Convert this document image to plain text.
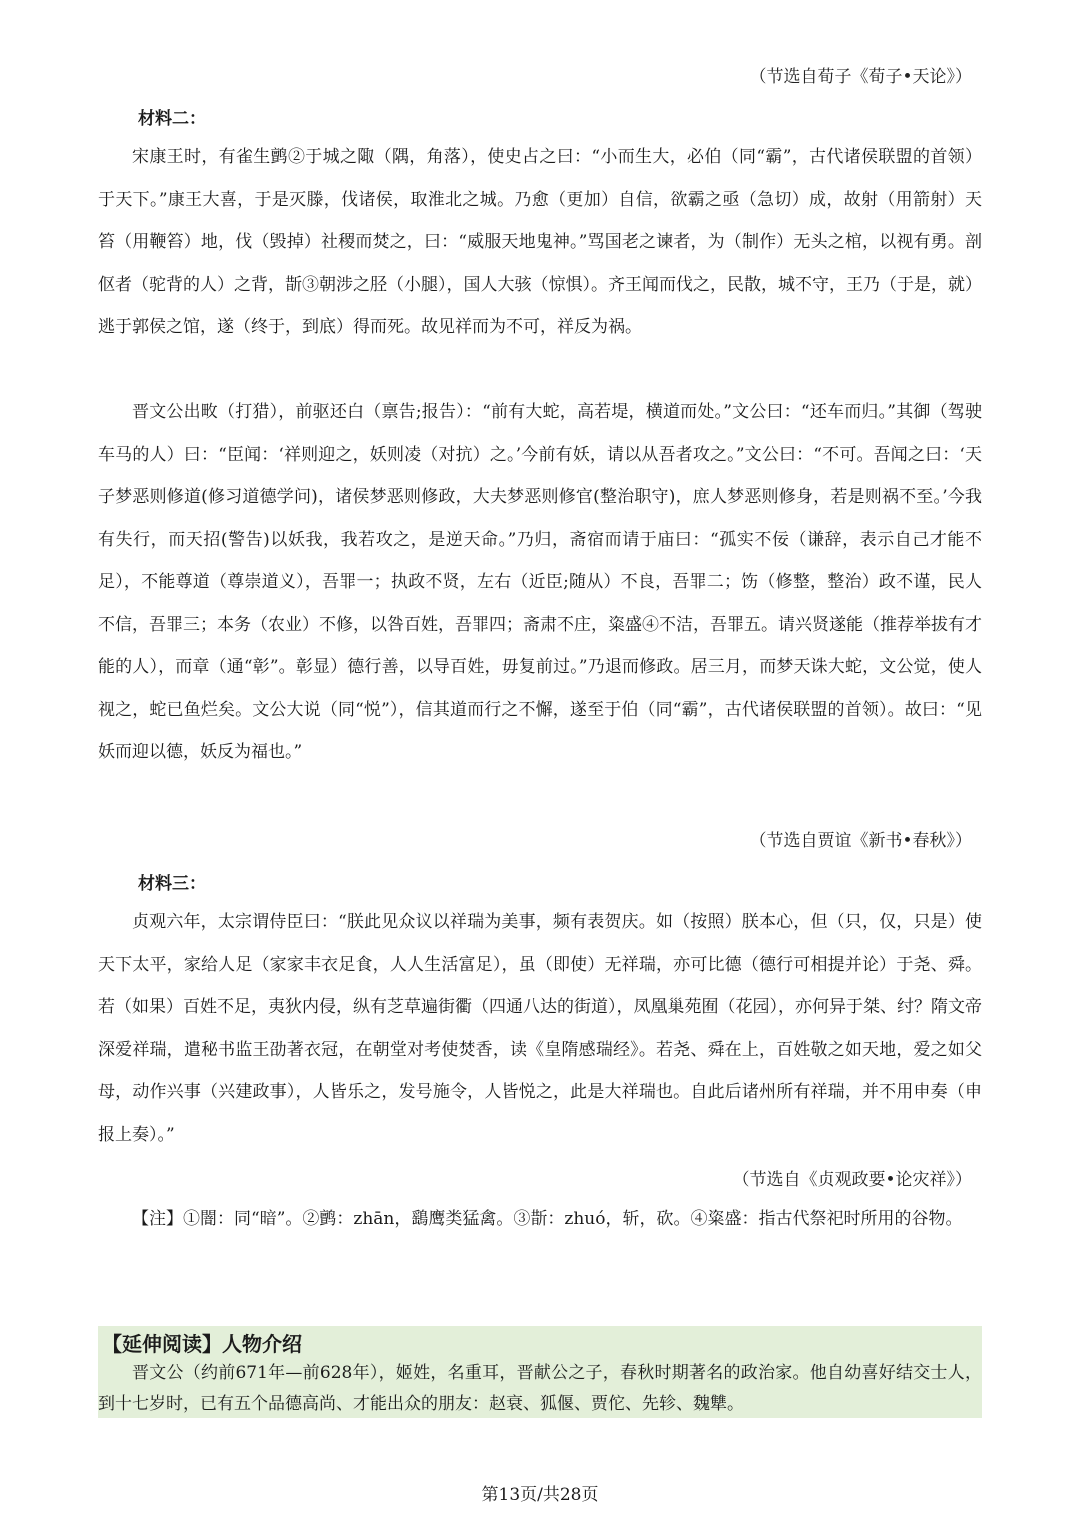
（节选自荀子《荀子•天论》）
材料二：

宋康王时，有雀生鹯②于城之陬（隅，角落），使史占之曰：“小而生大，必伯（同“霸”，古代诸侯联盟的首领）于天下。”康王大喜，于是灭滕，伐诸侯，取淮北之城。乃愈（更加）自信，欲霸之亟（急切）成，故射（用箭射）天笞（用鞭笞）地，伐（毁掉）社稷而焚之，曰：“威服天地鬼神。”骂国老之谏者，为（制作）无头之棺，以视有勇。剖伛者（驼背的人）之背，斮③朝涉之胫（小腿），国人大骇（惊惧）。齐王闻而伐之，民散，城不守，王乃（于是，就）逃于郭侯之馆，遂（终于，到底）得而死。故见祥而为不可，祥反为祸。

晋文公出畋（打猎），前驱还白（禀告;报告）：“前有大蛇，高若堤，横道而处。”文公曰：“还车而归。”其御（驾驶车马的人）曰：“臣闻：‘祥则迎之，妖则凌（对抗）之。’今前有妖，请以从吾者攻之。”文公曰：“不可。吾闻之曰：‘天子梦恶则修道(修习道德学问)，诸侯梦恶则修政，大夫梦恶则修官(整治职守)，庶人梦恶则修身，若是则祸不至。’今我有失行，而天招(警告)以妖我，我若攻之，是逆天命。”乃归，斋宿而请于庙曰：“孤实不佞（谦辞，表示自己才能不足），不能尊道（尊崇道义），吾罪一；执政不贤，左右（近臣;随从）不良，吾罪二；饬（修整，整治）政不谨，民人不信，吾罪三；本务（农业）不修，以咎百姓，吾罪四；斋肃不庄，粢盛④不洁，吾罪五。请兴贤遂能（推荐举拔有才能的人），而章（通“彰”。彰显）德行善，以导百姓，毋复前过。”乃退而修政。居三月，而梦天诛大蛇，文公觉，使人视之，蛇已鱼烂矣。文公大说（同“悦”），信其道而行之不懈，遂至于伯（同“霸”，古代诸侯联盟的首领）。故曰：“见妖而迎以德，妖反为福也。”

（节选自贾谊《新书•春秋》）
材料三：

贞观六年，太宗谓侍臣曰：“朕此见众议以祥瑞为美事，频有表贺庆。如（按照）朕本心，但（只，仅，只是）使天下太平，家给人足（家家丰衣足食，人人生活富足），虽（即使）无祥瑞，亦可比德（德行可相提并论）于尧、舜。若（如果）百姓不足，夷狄内侵，纵有芝草遍街衢（四通八达的街道），凤凰巢苑囿（花园），亦何异于桀、纣？隋文帝深爱祥瑞，遣秘书监王劭著衣冠，在朝堂对考使焚香，读《皇隋感瑞经》。若尧、舜在上，百姓敬之如天地，爱之如父母，动作兴事（兴建政事），人皆乐之，发号施令，人皆悦之，此是大祥瑞也。自此后诸州所有祥瑞，并不用申奏（申报上奏）。”

（节选自《贞观政要•论灾祥》）

【注】①闇：同“暗”。②鹯：zhān，鷂鹰类猛禽。③斮：zhuó，斩，砍。④粢盛：指古代祭祀时所用的谷物。

【延伸阅读】人物介绍

晋文公（约前671年—前628年），姬姓，名重耳，晋献公之子，春秋时期著名的政治家。他自幼喜好结交士人，到十七岁时，已有五个品德高尚、才能出众的朋友：赵衰、狐偃、贾佗、先轸、魏犨。

第13页/共28页
